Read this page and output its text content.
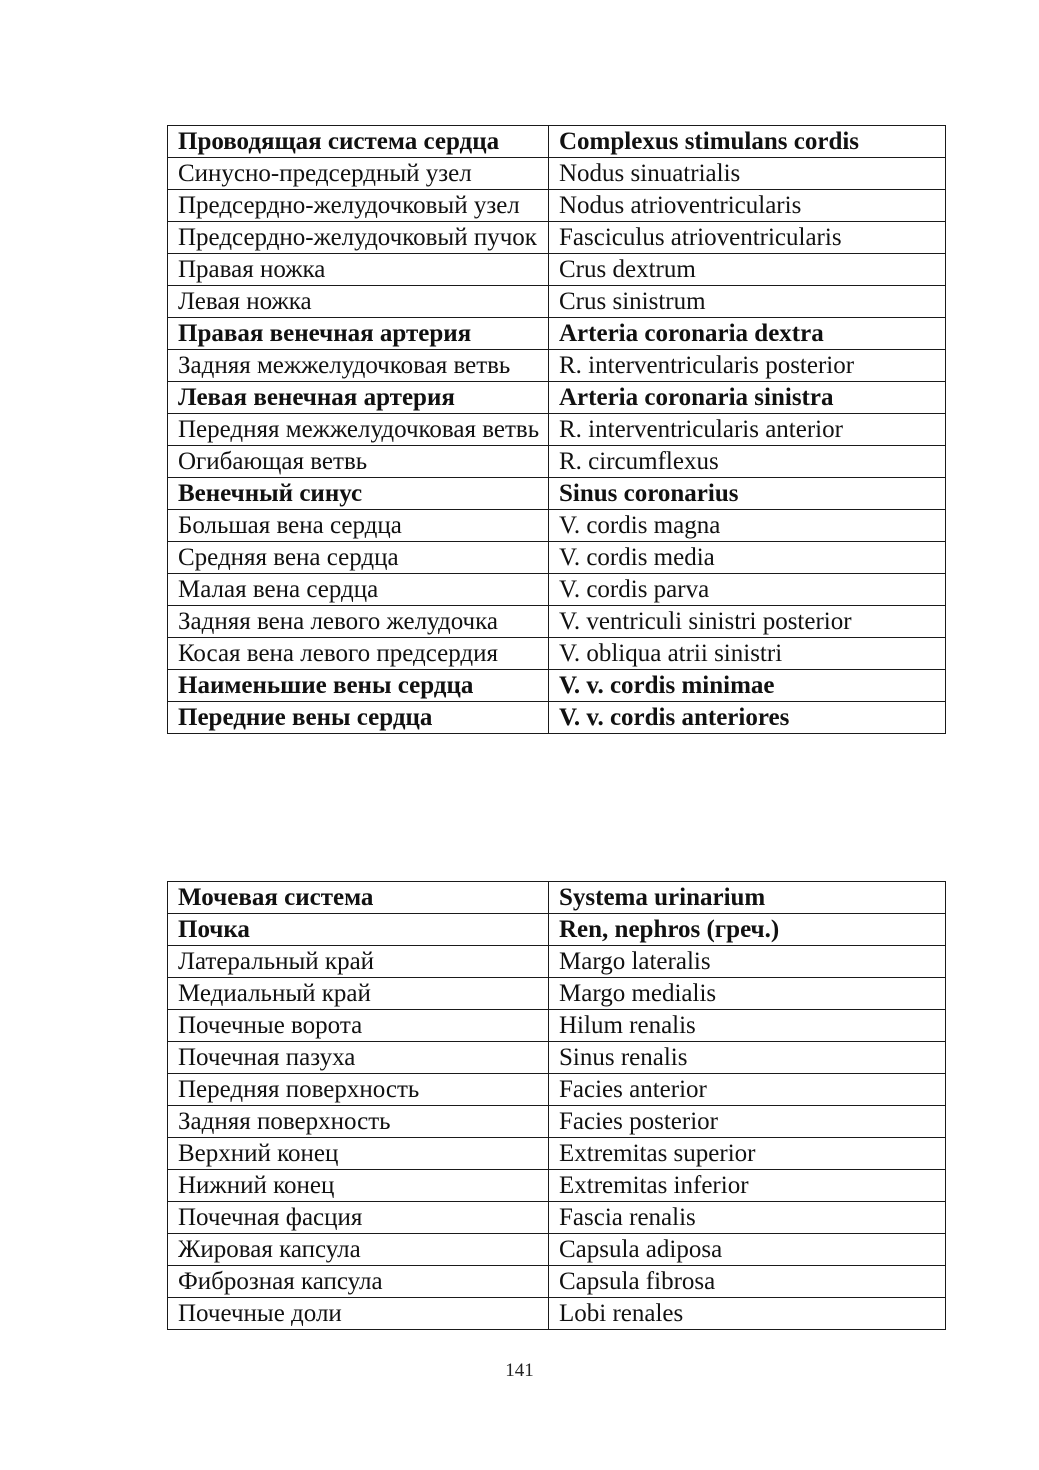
Проводящая система сердца	Complexus stimulans cordis
Синусно-предсердный узел	Nodus sinuatrialis
Предсердно-желудочковый узел	Nodus atrioventricularis
Предсердно-желудочковый пучок	Fasciculus atrioventricularis
Правая ножка	Crus dextrum
Левая ножка	Crus sinistrum
Правая венечная артерия	Arteria coronaria dextra
Задняя межжелудочковая ветвь	R. interventricularis posterior
Левая венечная артерия	Arteria coronaria sinistra
Передняя межжелудочковая ветвь	R. interventricularis anterior
Огибающая ветвь	R. circumflexus
Венечный синус	Sinus coronarius
Большая вена сердца	V. cordis magna
Средняя вена сердца	V. cordis media
Малая вена сердца	V. cordis parva
Задняя вена левого желудочка	V. ventriculi sinistri posterior
Косая вена левого предсердия	V. obliqua atrii sinistri
Наименьшие вены сердца	V. v. cordis minimae
Передние вены сердца	V. v. cordis anteriores
Мочевая система	Systema urinarium
Почка	Ren, nephros (греч.)
Латеральный край	Margo lateralis
Медиальный край	Margo medialis
Почечные ворота	Hilum renalis
Почечная пазуха	Sinus renalis
Передняя поверхность	Facies anterior
Задняя поверхность	Facies posterior
Верхний конец	Extremitas superior
Нижний конец	Extremitas inferior
Почечная фасция	Fascia renalis
Жировая капсула	Capsula adiposa
Фиброзная капсула	Capsula fibrosa
Почечные доли	Lobi renales
141
